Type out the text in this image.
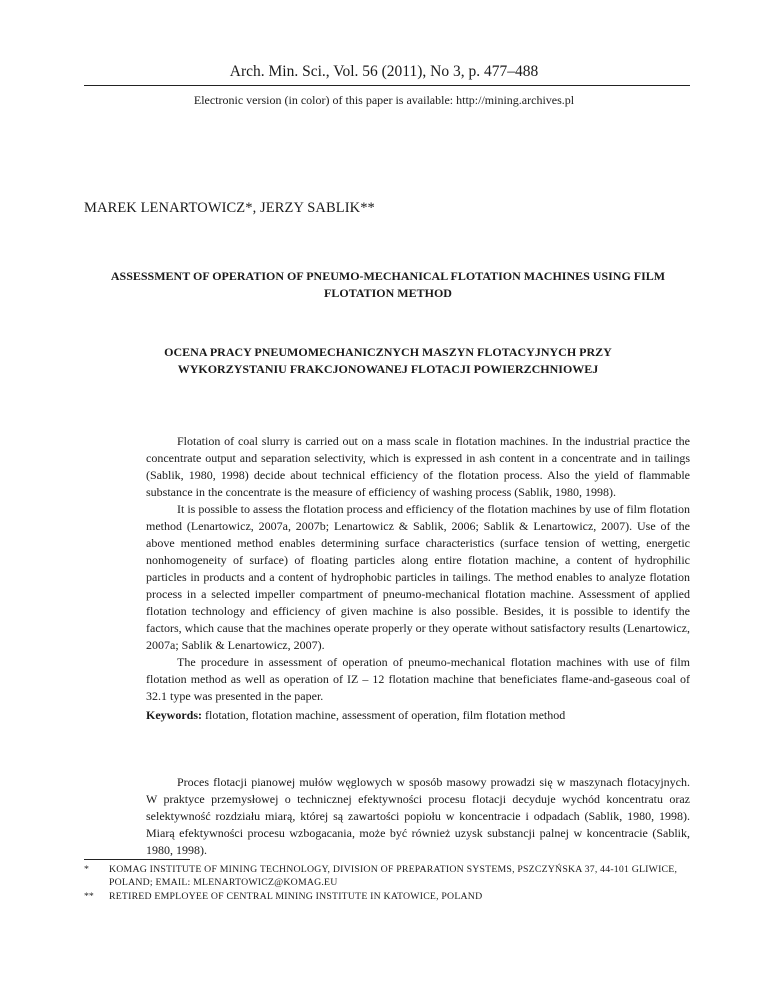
Arch. Min. Sci., Vol. 56 (2011), No 3, p. 477–488
Electronic version (in color) of this paper is available: http://mining.archives.pl
MAREK LENARTOWICZ*, JERZY SABLIK**
ASSESSMENT OF OPERATION OF PNEUMO-MECHANICAL FLOTATION MACHINES USING FILM FLOTATION METHOD
OCENA PRACY PNEUMOMECHANICZNYCH MASZYN FLOTACYJNYCH PRZY WYKORZYSTANIU FRAKCJONOWANEJ FLOTACJI POWIERZCHNIOWEJ

Flotation of coal slurry is carried out on a mass scale in flotation machines. In the industrial practice the concentrate output and separation selectivity, which is expressed in ash content in a concentrate and in tailings (Sablik, 1980, 1998) decide about technical efficiency of the flotation process. Also the yield of flammable substance in the concentrate is the measure of efficiency of washing process (Sablik, 1980, 1998).

It is possible to assess the flotation process and efficiency of the flotation machines by use of film flotation method (Lenartowicz, 2007a, 2007b; Lenartowicz & Sablik, 2006; Sablik & Lenartowicz, 2007). Use of the above mentioned method enables determining surface characteristics (surface tension of wetting, energetic nonhomogeneity of surface) of floating particles along entire flotation machine, a content of hydrophilic particles in products and a content of hydrophobic particles in tailings. The method enables to analyze flotation process in a selected impeller compartment of pneumo-mechanical flotation machine. Assessment of applied flotation technology and efficiency of given machine is also possible. Besides, it is possible to identify the factors, which cause that the machines operate properly or they operate without satisfactory results (Lenartowicz, 2007a; Sablik & Lenartowicz, 2007).

The procedure in assessment of operation of pneumo-mechanical flotation machines with use of film flotation method as well as operation of IZ – 12 flotation machine that beneficiates flame-and-gaseous coal of 32.1 type was presented in the paper.

Keywords: flotation, flotation machine, assessment of operation, film flotation method

Proces flotacji pianowej mułów węglowych w sposób masowy prowadzi się w maszynach flotacyjnych. W praktyce przemysłowej o technicznej efektywności procesu flotacji decyduje wychód koncentratu oraz selektywność rozdziału miarą, której są zawartości popiołu w koncentracie i odpadach (Sablik, 1980, 1998). Miarą efektywności procesu wzbogacania, może być również uzysk substancji palnej w koncentracie (Sablik, 1980, 1998).

* KOMAG INSTITUTE OF MINING TECHNOLOGY, DIVISION OF PREPARATION SYSTEMS, PSZCZYŃSKA 37, 44-101 GLIWICE, POLAND; EMAIL: MLENARTOWICZ@KOMAG.EU
** RETIRED EMPLOYEE OF CENTRAL MINING INSTITUTE IN KATOWICE, POLAND
